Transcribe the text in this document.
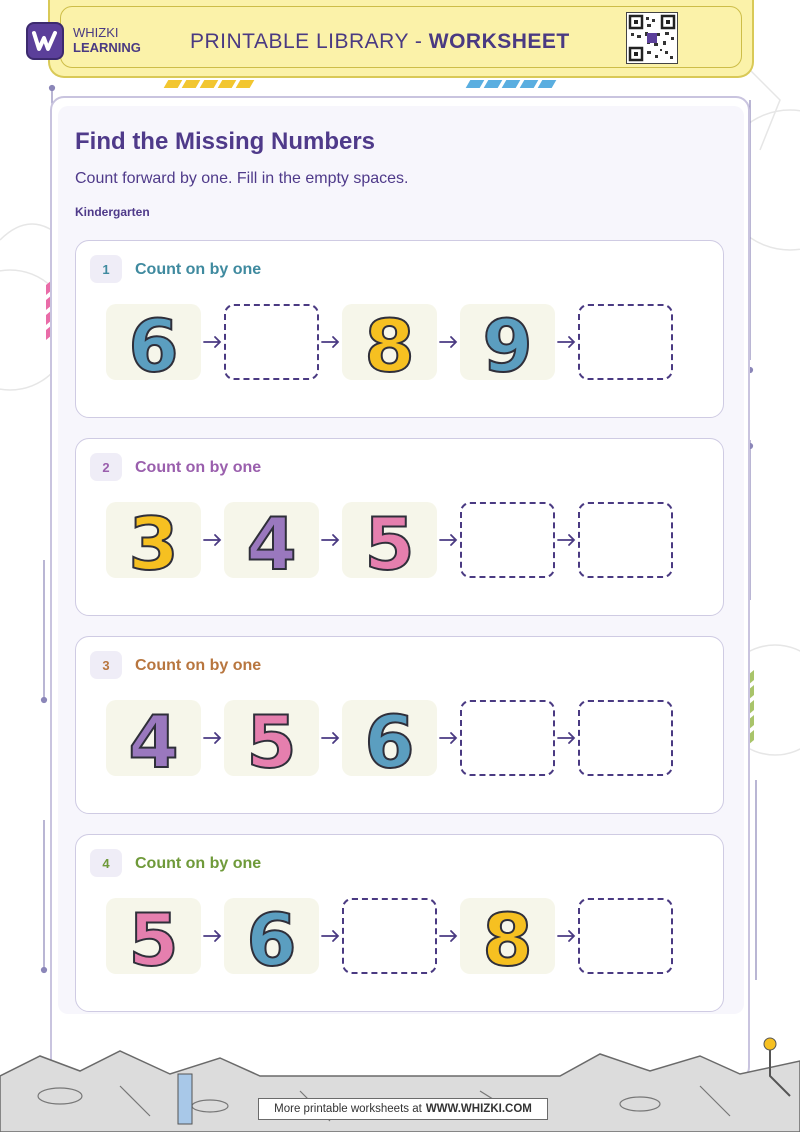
WHIZKI
LEARNING PRINTABLE LIBRARY - WORKSHEET
Find the Missing Numbers
Count forward by one. Fill in the empty spaces.
Kindergarten
1	Count on by one
6	8 9
2	Count on by one
3 4 5
3	Count on by one
4 5 6
4	Count on by one
5 6	8
More printable worksheets at WWW.WHIZKI.COM
